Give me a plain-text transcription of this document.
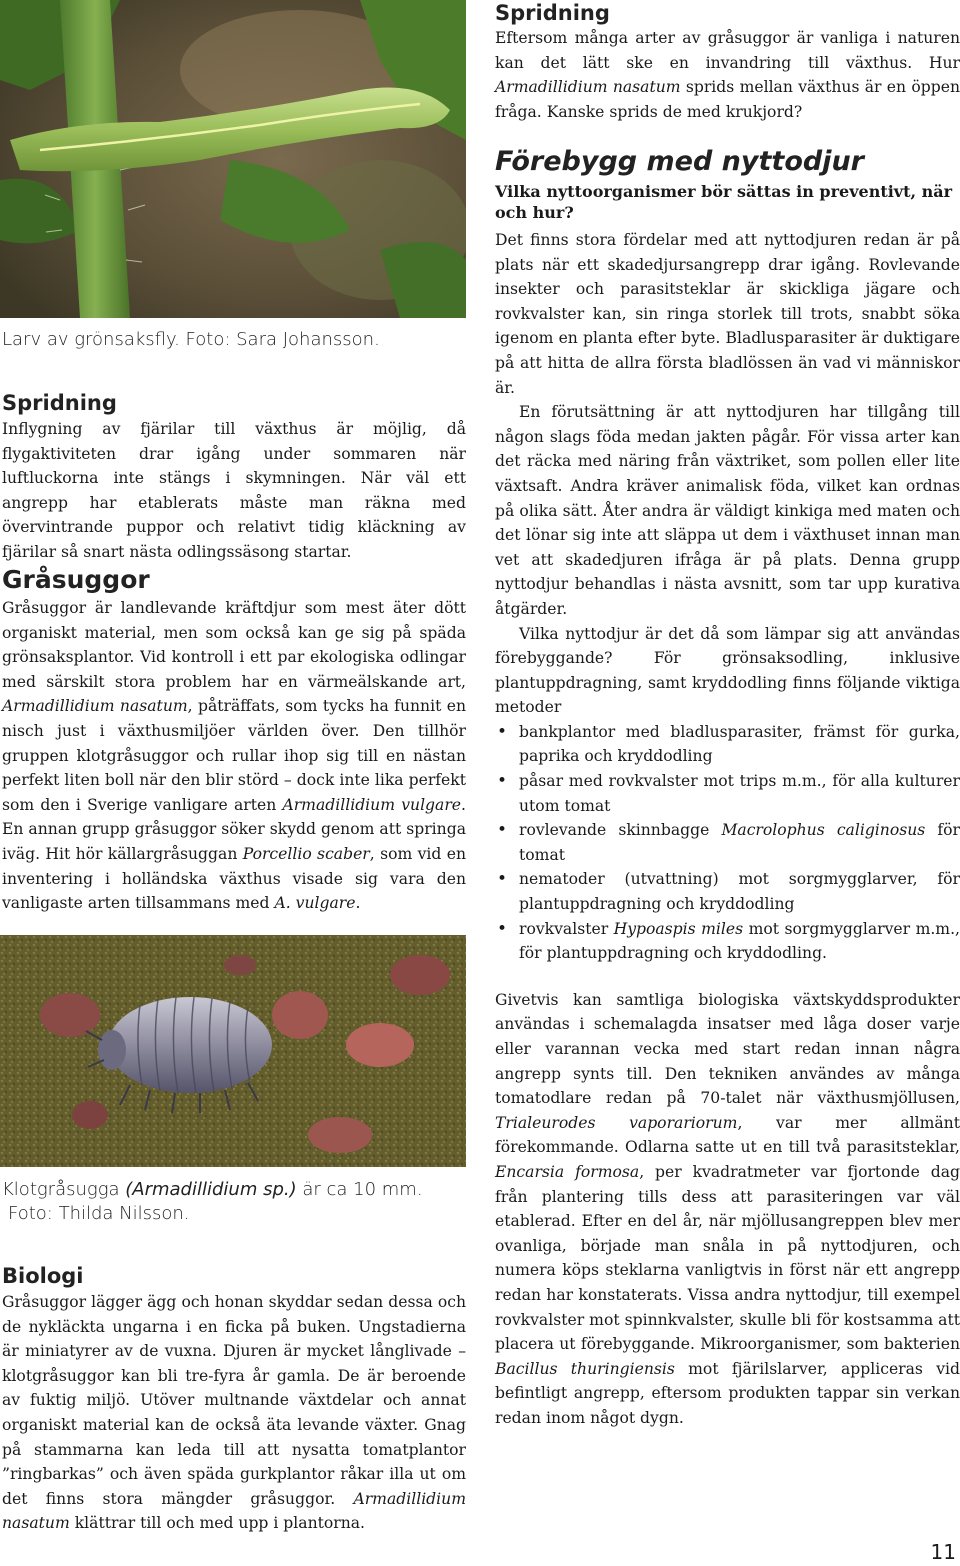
Larv av grönsaksfly. Foto: Sara Johansson.
Spridning

Inflygning av fjärilar till växthus är möjlig, då flygaktiviteten drar igång under sommaren när luftluckorna inte stängs i skymningen. När väl ett angrepp har etablerats måste man räkna med övervintrande puppor och relativt tidig kläckning av fjärilar så snart nästa odlingssäsong startar.

Gråsuggor

Gråsuggor är landlevande kräftdjur som mest äter dött organiskt material, men som också kan ge sig på späda grönsaksplantor. Vid kontroll i ett par ekologiska odlingar med särskilt stora problem har en värmeälskande art, Armadillidium nasatum, påträffats, som tycks ha funnit en nisch just i växthusmiljöer världen över. Den tillhör gruppen klotgråsuggor och rullar ihop sig till en nästan perfekt liten boll när den blir störd – dock inte lika perfekt som den i Sverige vanligare arten Armadillidium vulgare. En annan grupp gråsuggor söker skydd genom att springa iväg. Hit hör källargråsuggan Porcellio scaber, som vid en inventering i holländska växthus visade sig vara den vanligaste arten tillsammans med A. vulgare.

Klotgråsugga (Armadillidium sp.) är ca 10 mm.
Foto: Thilda Nilsson.
Biologi

Gråsuggor lägger ägg och honan skyddar sedan dessa och de nykläckta ungarna i en ficka på buken. Ungstadierna är miniatyrer av de vuxna. Djuren är mycket långlivade – klotgråsuggor kan bli tre-fyra år gamla. De är beroende av fuktig miljö. Utöver multnande växtdelar och annat organiskt material kan de också äta levande växter. Gnag på stammarna kan leda till att nysatta tomatplantor ”ringbarkas” och även späda gurkplantor råkar illa ut om det finns stora mängder gråsuggor. Armadillidium nasatum klättrar till och med upp i plantorna.

Spridning

Eftersom många arter av gråsuggor är vanliga i naturen kan det lätt ske en invandring till växthus. Hur Armadillidium nasatum sprids mellan växthus är en öppen fråga. Kanske sprids de med krukjord?

Förebygg med nyttodjur
Vilka nyttoorganismer bör sättas in preventivt, när och hur?

Det finns stora fördelar med att nyttodjuren redan är på plats när ett skadedjursangrepp drar igång. Rovlevande insekter och parasitsteklar är skickliga jägare och rovkvalster kan, sin ringa storlek till trots, snabbt söka igenom en planta efter byte. Bladlusparasiter är duktigare på att hitta de allra första bladlössen än vad vi människor är.

En förutsättning är att nyttodjuren har tillgång till någon slags föda medan jakten pågår. För vissa arter kan det räcka med näring från växtriket, som pollen eller lite växtsaft. Andra kräver animalisk föda, vilket kan ordnas på olika sätt. Åter andra är väldigt kinkiga med maten och det lönar sig inte att släppa ut dem i växthuset innan man vet att skadedjuren ifråga är på plats. Denna grupp nyttodjur behandlas i nästa avsnitt, som tar upp kurativa åtgärder.

Vilka nyttodjur är det då som lämpar sig att användas förebyggande? För grönsaksodling, inklusive plantuppdragning, samt kryddodling finns följande viktiga metoder

• bankplantor med bladlusparasiter, främst för gurka, paprika och kryddodling
• påsar med rovkvalster mot trips m.m., för alla kulturer utom tomat
• rovlevande skinnbagge Macrolophus caliginosus för tomat
• nematoder (utvattning) mot sorgmygglarver, för plantuppdragning och kryddodling
• rovkvalster Hypoaspis miles mot sorgmygglarver m.m., för plantuppdragning och kryddodling.

Givetvis kan samtliga biologiska växtskyddsprodukter användas i schemalagda insatser med låga doser varje eller varannan vecka med start redan innan några angrepp synts till. Den tekniken användes av många tomatodlare redan på 70-talet när växthusmjöllusen, Trialeurodes vaporariorum, var mer allmänt förekommande. Odlarna satte ut en till två parasitsteklar, Encarsia formosa, per kvadratmeter var fjortonde dag från plantering tills dess att parasiteringen var väl etablerad. Efter en del år, när mjöllusangreppen blev mer ovanliga, började man snåla in på nyttodjuren, och numera köps steklarna vanligtvis in först när ett angrepp redan har konstaterats. Vissa andra nyttodjur, till exempel rovkvalster mot spinnkvalster, skulle bli för kostsamma att placera ut förebyggande. Mikroorganismer, som bakterien Bacillus thuringiensis mot fjärilslarver, appliceras vid befintligt angrepp, eftersom produkten tappar sin verkan redan inom något dygn.

11
